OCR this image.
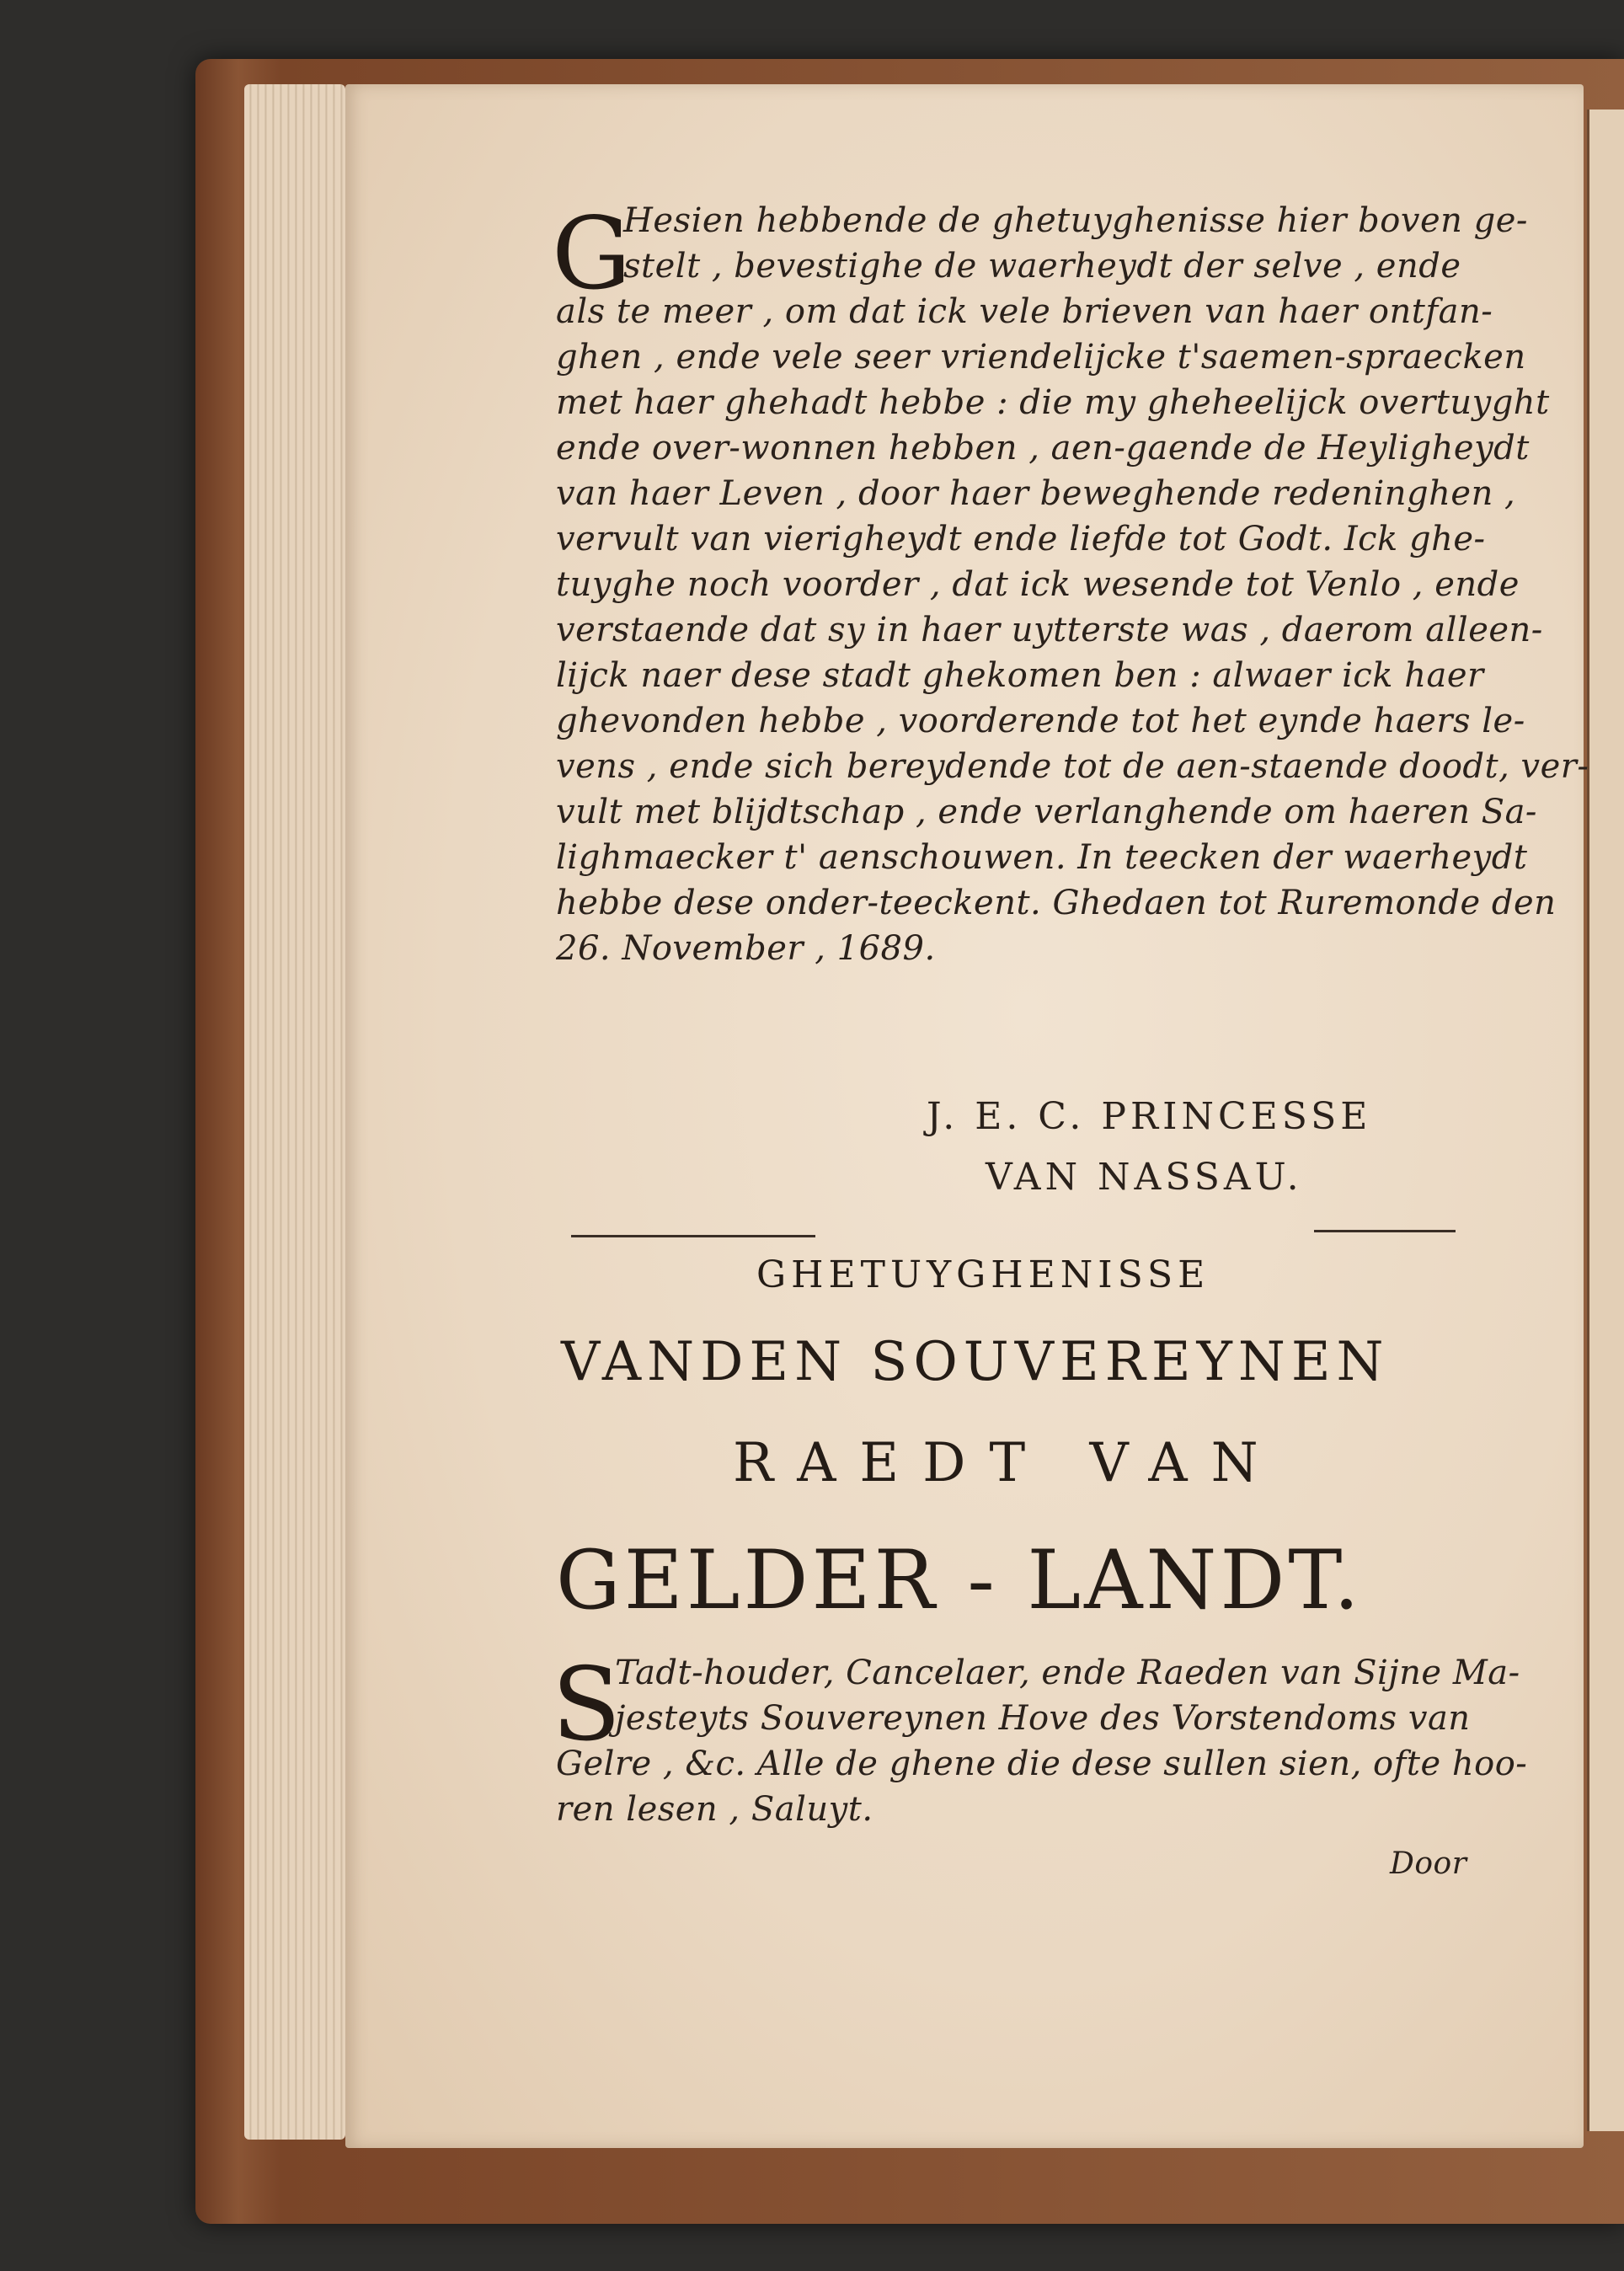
G
Hesien hebbende de ghetuyghenisse hier boven ge-
stelt , bevestighe de waerheydt der selve , ende
als te meer , om dat ick vele brieven van haer ontfan-
ghen , ende vele seer vriendelijcke t'saemen-spraecken
met haer ghehadt hebbe : die my gheheelijck overtuyght
ende over-wonnen hebben , aen-gaende de Heyligheydt
van haer Leven , door haer beweghende redeninghen ,
vervult van vierigheydt ende liefde tot Godt. Ick ghe-
tuyghe noch voorder , dat ick wesende tot Venlo , ende
verstaende dat sy in haer uytterste was , daerom alleen-
lijck naer dese stadt ghekomen ben : alwaer ick haer
ghevonden hebbe , voorderende tot het eynde haers le-
vens , ende sich bereydende tot de aen-staende doodt, ver-
vult met blijdtschap , ende verlanghende om haeren Sa-
lighmaecker t' aenschouwen. In teecken der waerheydt
hebbe dese onder-teeckent. Ghedaen tot Ruremonde den
26. November , 1689.
J. E. C. PRINCESSE
VAN NASSAU.
GHETUYGHENISSE
VANDEN SOUVEREYNEN
RAEDT VAN
GELDER - LANDT.
S
Tadt-houder, Cancelaer, ende Raeden van Sijne Ma-
jesteyts Souvereynen Hove des Vorstendoms van
Gelre , &c. Alle de ghene die dese sullen sien, ofte hoo-
ren lesen , Saluyt.
Door
